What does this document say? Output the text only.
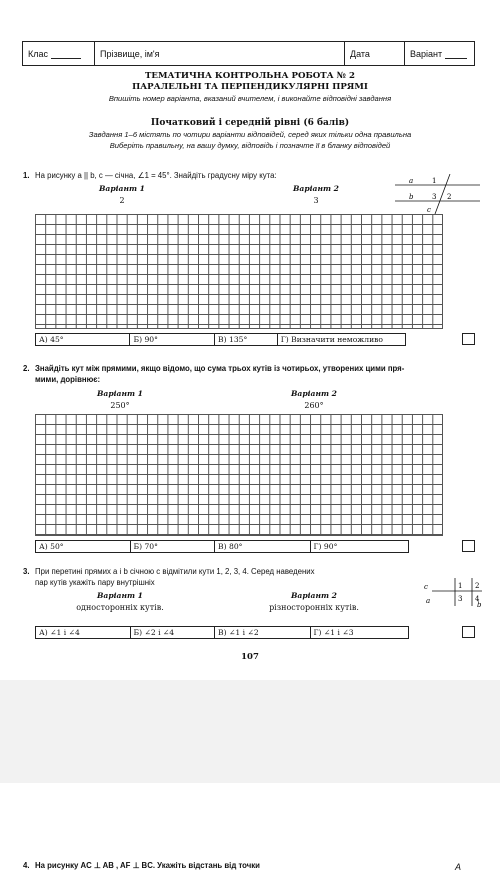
Клас	Прізвище, ім'я	Дата	Варіант
ТЕМАТИЧНА КОНТРОЛЬНА РОБОТА № 2
ПАРАЛЕЛЬНІ ТА ПЕРПЕНДИКУЛЯРНІ ПРЯМІ
Впишіть номер варіанта, вказаний вчителем, і виконайте відповідні завдання
Початковий і середній рівні (6 балів)
Завдання 1–6 містять по чотири варіанти відповідей, серед яких тільки одна правильна
Виберіть правильну, на вашу думку, відповідь і позначте її в бланку відповідей
1. На рисунку a || b, c — січна, ∠1 = 45°. Знайдіть градусну міру кута:
Варіант 1
2
Варіант 2
3
a
b
c
1
3 2
А) 45°	Б) 90°	В) 135°	Г) Визначити неможливо
2. Знайдіть кут між прямими, якщо відомо, що сума трьох кутів із чотирьох, утворених цими пря-
мими, дорівнює:
Варіант 1
250°
Варіант 2
260°
А) 50°	Б) 70°	В) 80°	Г) 90°
3. При перетині прямих a і b січною c відмітили кути 1, 2, 3, 4. Серед наведених
пар кутів укажіть пару внутрішніх
Варіант 1
односторонніх кутів.
Варіант 2
різносторонніх кутів.
c
a	b
1 2
3 4
А) ∠1 і ∠4	Б) ∠2 і ∠4	В) ∠1 і ∠2	Г) ∠1 і ∠3
107
4. На рисунку AC ⊥ AB , AF ⊥ BC. Укажіть відстань від точки	A
